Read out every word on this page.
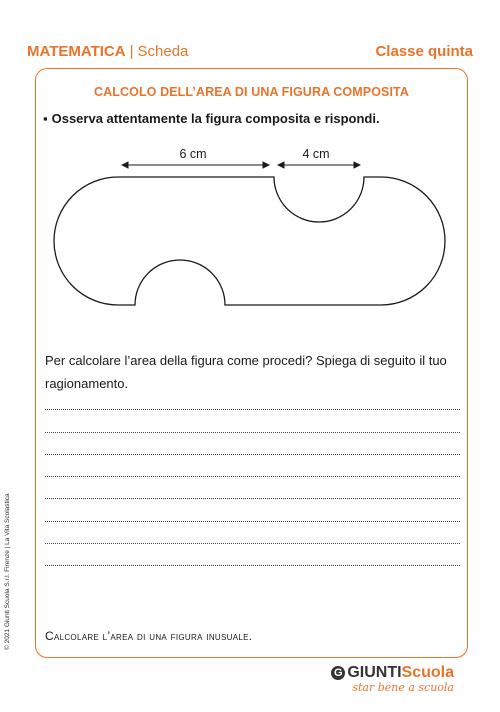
MATEMATICA | Scheda	Classe quinta
CALCOLO DELL’AREA DI UNA FIGURA COMPOSITA
▪ Osserva attentamente la figura composita e rispondi.
6 cm	4 cm
Per calcolare l’area della figura come procedi? Spiega di seguito il tuo ragionamento.
Calcolare l’area di una figura inusuale.
© 2021 Giunti Scuola S.r.l. Firenze | La Vita Scolastica
G GIUNTIScuola
star bene a scuola
